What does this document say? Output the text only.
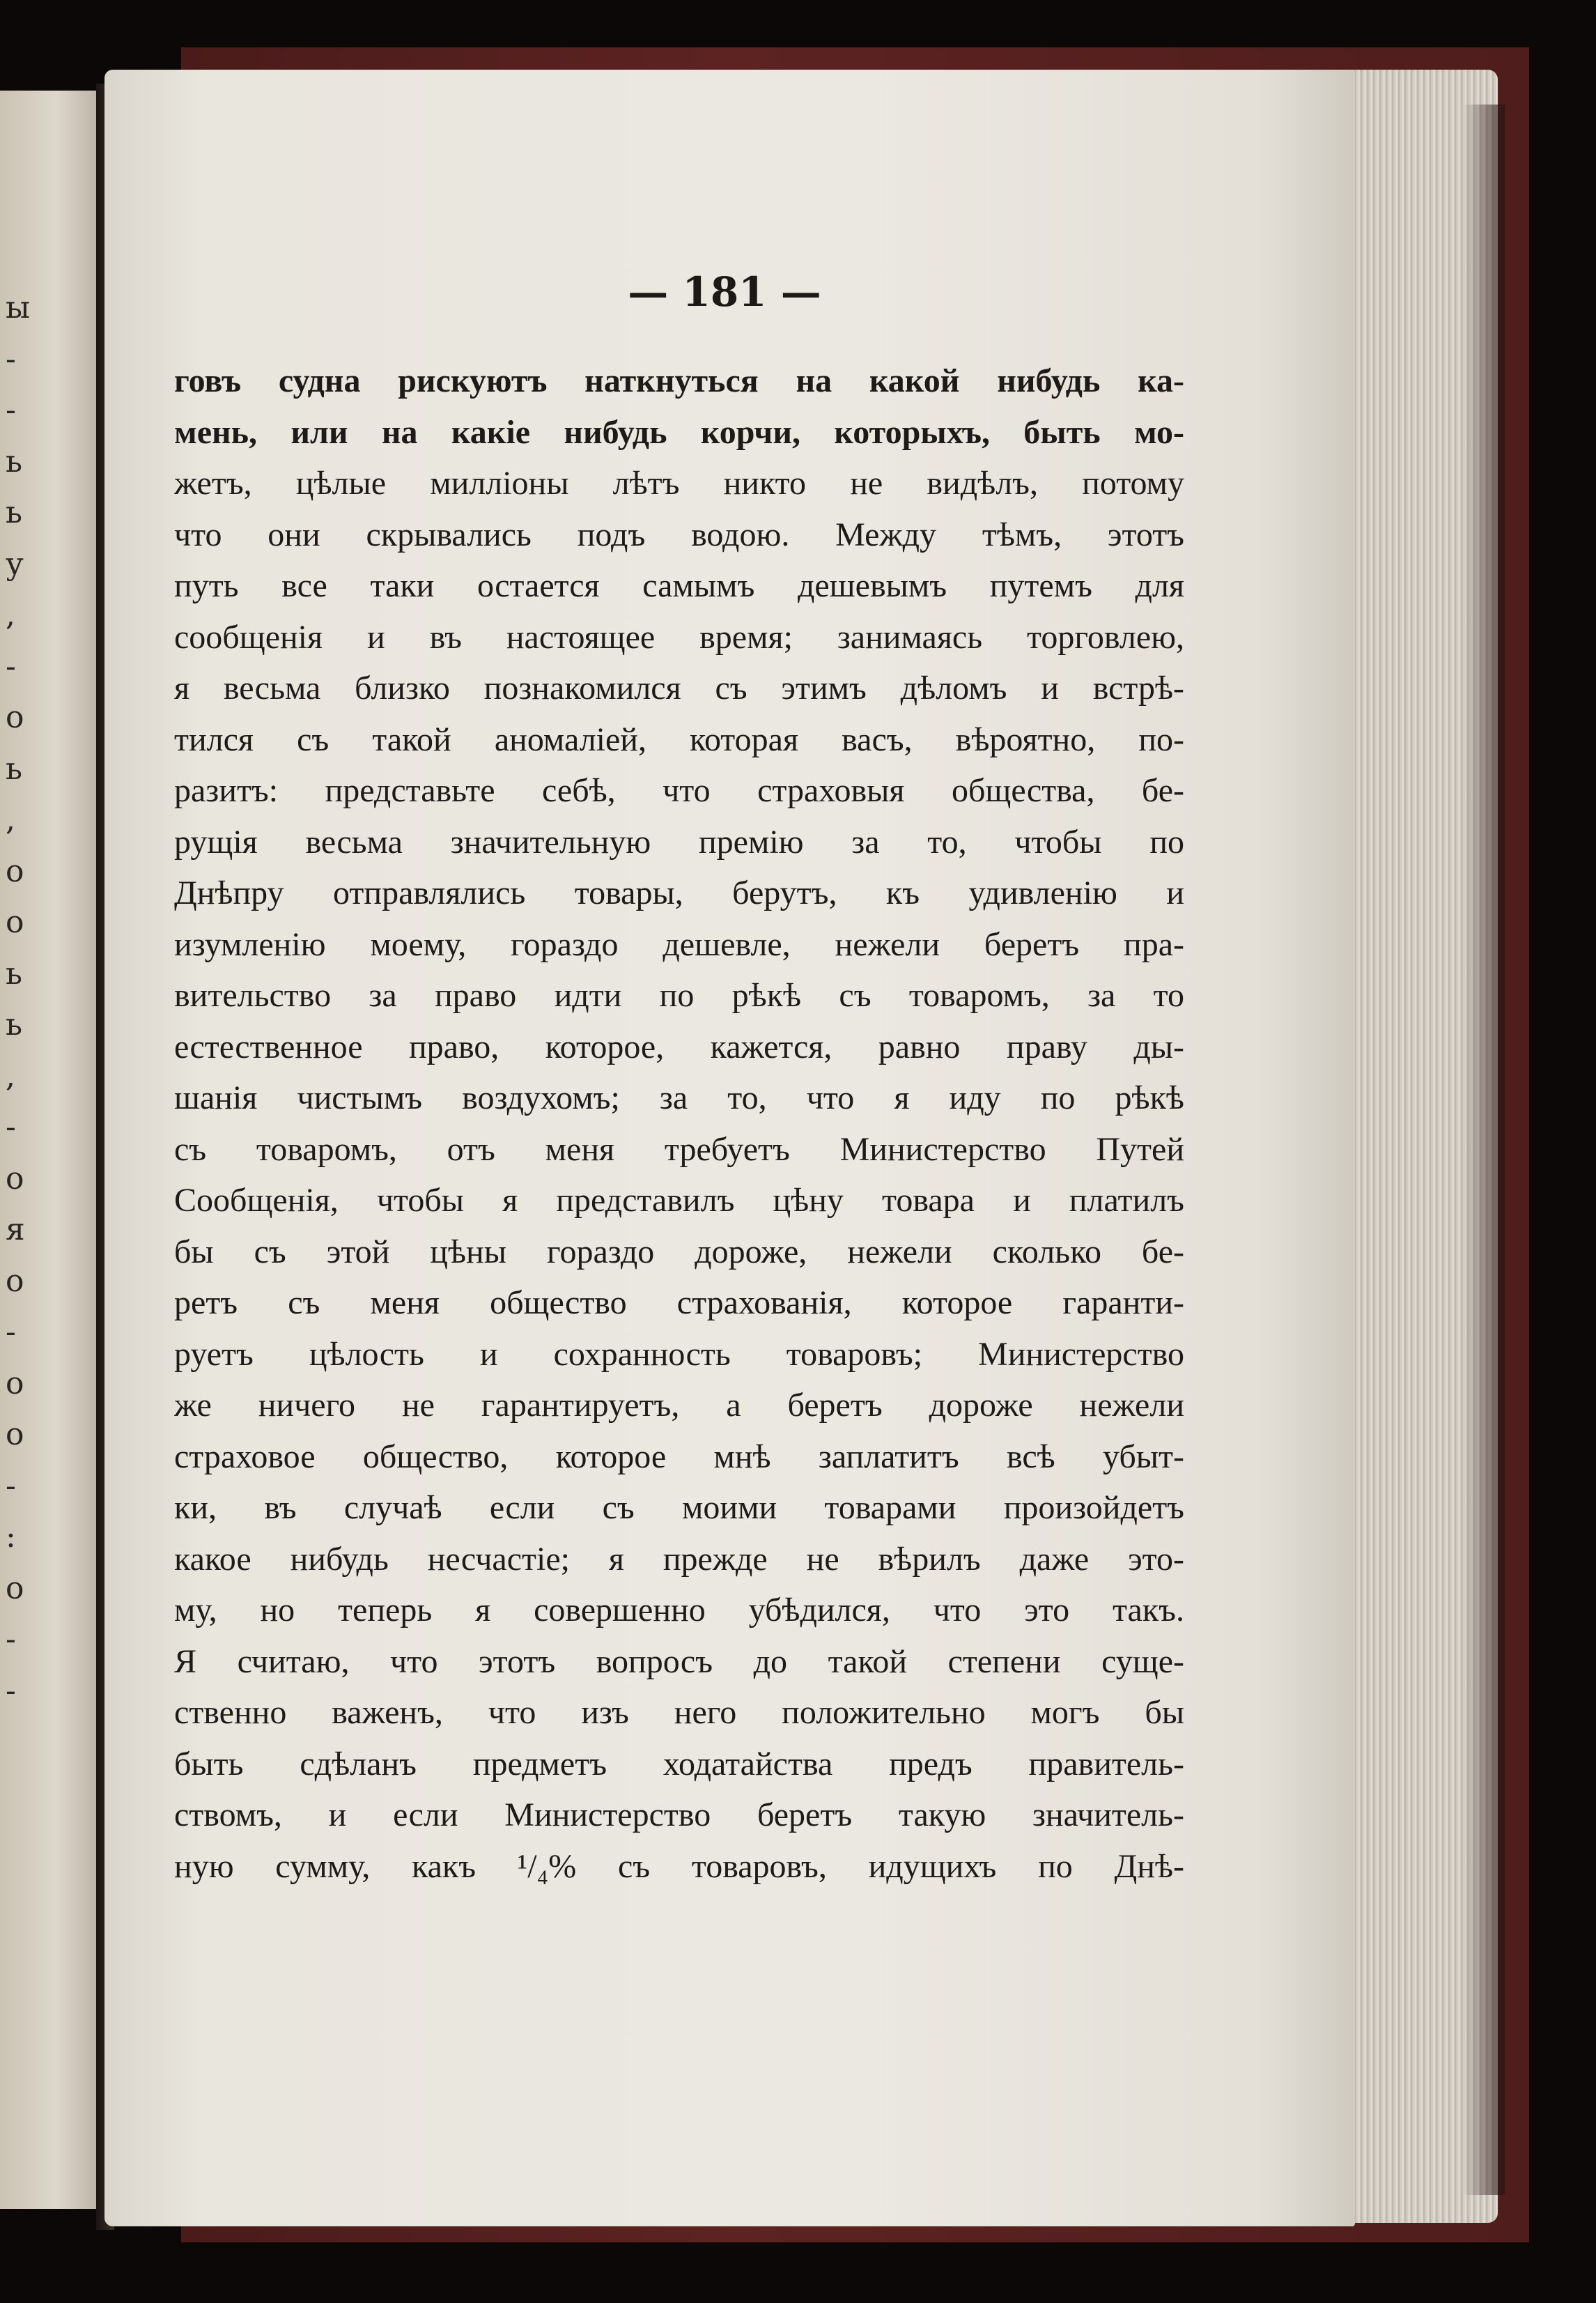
ы
-
-
ь
ь
у
,
-
о
ь
,
о
о
ь
ь
,
-
о
я
о
-
о
о
-
:
о
-
-
— 181 —
говъ судна рискуютъ наткнуться на какой нибудь ка-
мень, или на какіе нибудь корчи, которыхъ, быть мо-
жетъ, цѣлые милліоны лѣтъ никто не видѣлъ, потому
что они скрывались подъ водою. Между тѣмъ, этотъ
путь все таки остается самымъ дешевымъ путемъ для
сообщенія и въ настоящее время; занимаясь торговлею,
я весьма близко познакомился съ этимъ дѣломъ и встрѣ-
тился съ такой аномаліей, которая васъ, вѣроятно, по-
разитъ: представьте себѣ, что страховыя общества, бе-
рущія весьма значительную премію за то, чтобы по
Днѣпру отправлялись товары, берутъ, къ удивленію и
изумленію моему, гораздо дешевле, нежели беретъ пра-
вительство за право идти по рѣкѣ съ товаромъ, за то
естественное право, которое, кажется, равно праву ды-
шанія чистымъ воздухомъ; за то, что я иду по рѣкѣ
съ товаромъ, отъ меня требуетъ Министерство Путей
Сообщенія, чтобы я представилъ цѣну товара и платилъ
бы съ этой цѣны гораздо дороже, нежели сколько бе-
ретъ съ меня общество страхованія, которое гаранти-
руетъ цѣлость и сохранность товаровъ; Министерство
же ничего не гарантируетъ, а беретъ дороже нежели
страховое общество, которое мнѣ заплатитъ всѣ убыт-
ки, въ случаѣ если съ моими товарами произойдетъ
какое нибудь несчастіе; я прежде не вѣрилъ даже это-
му, но теперь я совершенно убѣдился, что это такъ.
Я считаю, что этотъ вопросъ до такой степени суще-
ственно важенъ, что изъ него положительно могъ бы
быть сдѣланъ предметъ ходатайства предъ правитель-
ствомъ, и если Министерство беретъ такую значитель-
ную сумму, какъ ¹/₄% съ товаровъ, идущихъ по Днѣ-
